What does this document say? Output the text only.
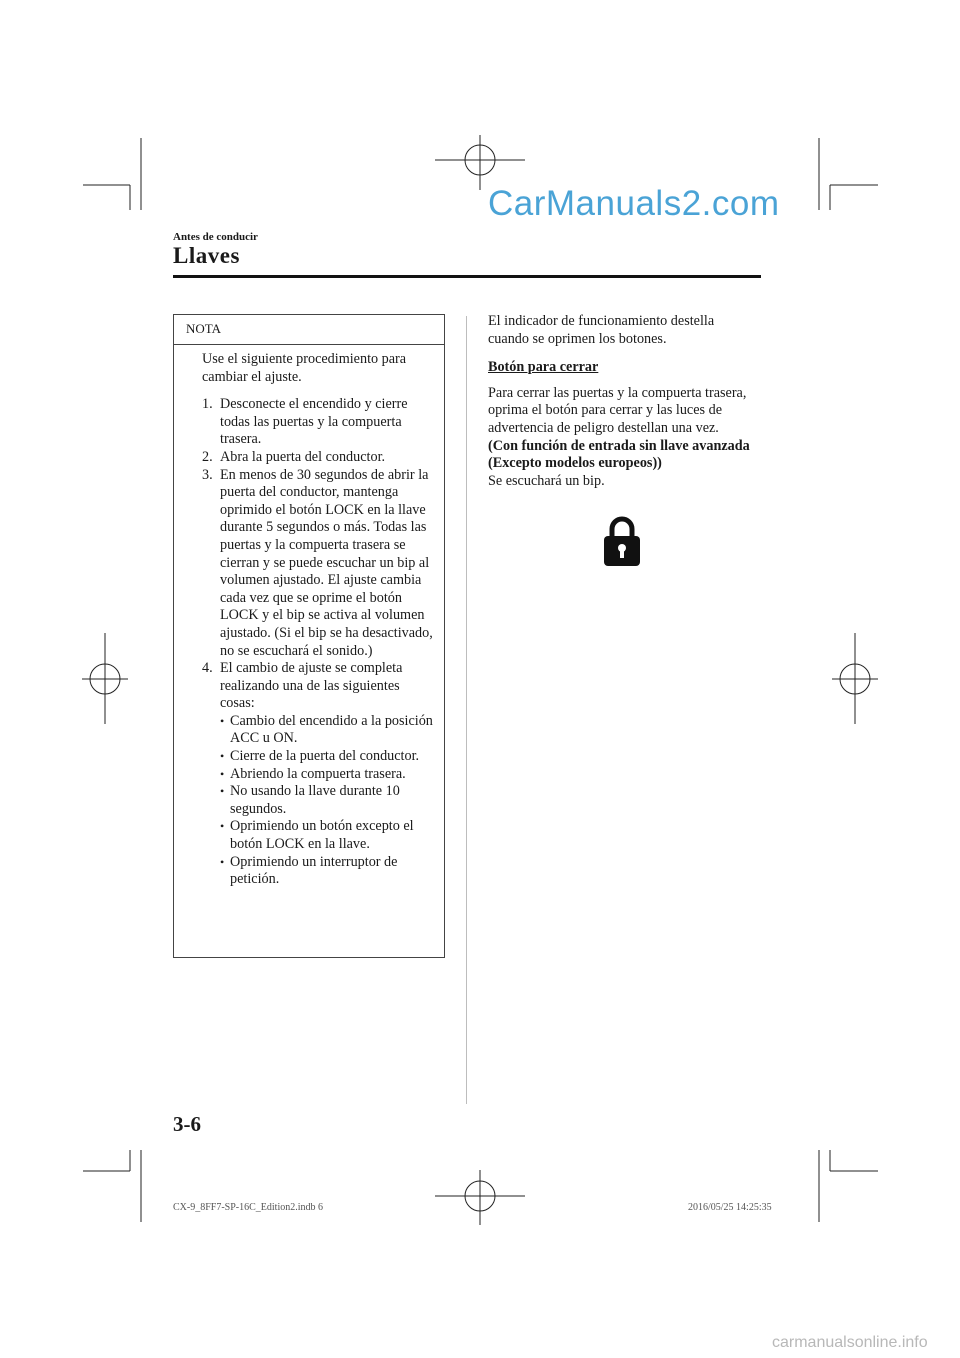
CarManuals2.com
Antes de conducir
Llaves
NOTA

Use el siguiente procedimiento para cambiar el ajuste.

1. Desconecte el encendido y cierre todas las puertas y la compuerta trasera.
2. Abra la puerta del conductor.
3. En menos de 30 segundos de abrir la puerta del conductor, mantenga oprimido el botón LOCK en la llave durante 5 segundos o más. Todas las puertas y la compuerta trasera se cierran y se puede escuchar un bip al volumen ajustado. El ajuste cambia cada vez que se oprime el botón LOCK y el bip se activa al volumen ajustado. (Si el bip se ha desactivado, no se escuchará el sonido.)
4. El cambio de ajuste se completa realizando una de las siguientes cosas:
• Cambio del encendido a la posición ACC u ON.
• Cierre de la puerta del conductor.
• Abriendo la compuerta trasera.
• No usando la llave durante 10 segundos.
• Oprimiendo un botón excepto el botón LOCK en la llave.
• Oprimiendo un interruptor de petición.

El indicador de funcionamiento destella cuando se oprimen los botones.

Botón para cerrar

Para cerrar las puertas y la compuerta trasera, oprima el botón para cerrar y las luces de advertencia de peligro destellan una vez.

(Con función de entrada sin llave avanzada (Excepto modelos europeos))

Se escuchará un bip.

3-6
CX-9_8FF7-SP-16C_Edition2.indb 6	2016/05/25 14:25:35
carmanualsonline.info
